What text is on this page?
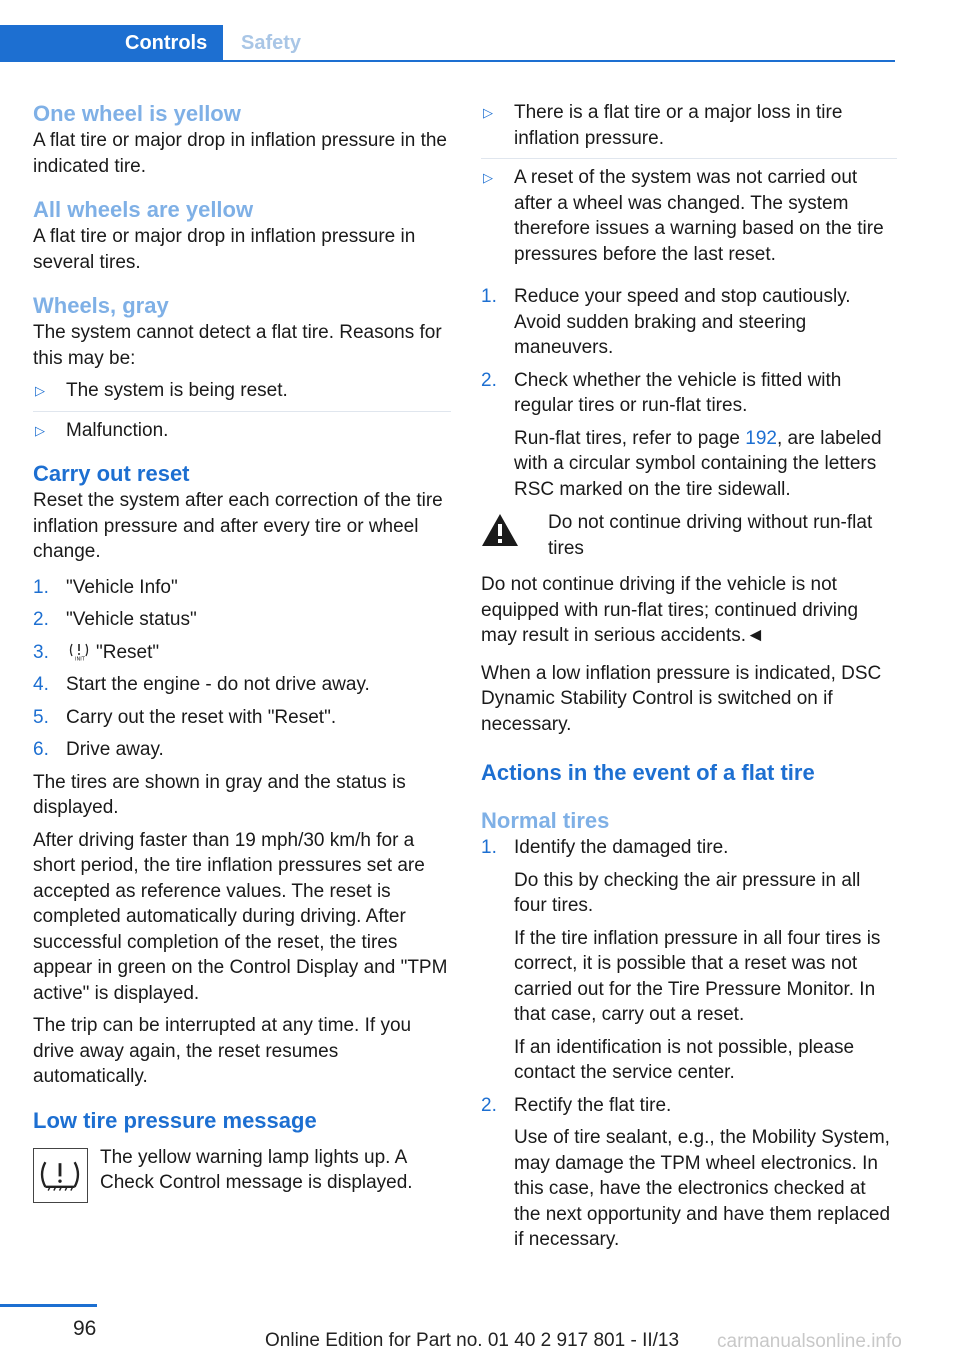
Controls	Safety
One wheel is yellow

A flat tire or major drop in inflation pressure in the indicated tire.

All wheels are yellow

A flat tire or major drop in inflation pressure in several tires.

Wheels, gray

The system cannot detect a flat tire. Reasons for this may be:

▷ The system is being reset.
▷ Malfunction.
Carry out reset

Reset the system after each correction of the tire inflation pressure and after every tire or wheel change.

1. "Vehicle Info"
2. "Vehicle status"
3.	INIT "Reset"
4. Start the engine - do not drive away.
5. Carry out the reset with "Reset".
6. Drive away.

The tires are shown in gray and the status is displayed.

After driving faster than 19 mph/30 km/h for a short period, the tire inflation pressures set are accepted as reference values. The reset is completed automatically during driving. After successful completion of the reset, the tires appear in green on the Control Display and "TPM active" is displayed.

The trip can be interrupted at any time. If you drive away again, the reset resumes automatically.

Low tire pressure message

The yellow warning lamp lights up. A Check Control message is displayed.

▷ There is a flat tire or a major loss in tire inflation pressure.
▷ A reset of the system was not carried out after a wheel was changed. The system therefore issues a warning based on the tire pressures before the last reset.
1. Reduce your speed and stop cautiously. Avoid sudden braking and steering maneuvers.
2. Check whether the vehicle is fitted with regular tires or run-flat tires.
Run-flat tires, refer to page 192, are labeled with a circular symbol containing the letters RSC marked on the tire sidewall.
Do not continue driving without run-flat tires

Do not continue driving if the vehicle is not equipped with run-flat tires; continued driving may result in serious accidents.◄

When a low inflation pressure is indicated, DSC Dynamic Stability Control is switched on if necessary.

Actions in the event of a flat tire
Normal tires
1. Identify the damaged tire.
Do this by checking the air pressure in all four tires.
If the tire inflation pressure in all four tires is correct, it is possible that a reset was not carried out for the Tire Pressure Monitor. In that case, carry out a reset.
If an identification is not possible, please contact the service center.
2. Rectify the flat tire.
Use of tire sealant, e.g., the Mobility System, may damage the TPM wheel electronics. In this case, have the electronics checked at the next opportunity and have them replaced if necessary.
96
Online Edition for Part no. 01 40 2 917 801 - II/13 carmanualsonline.info
